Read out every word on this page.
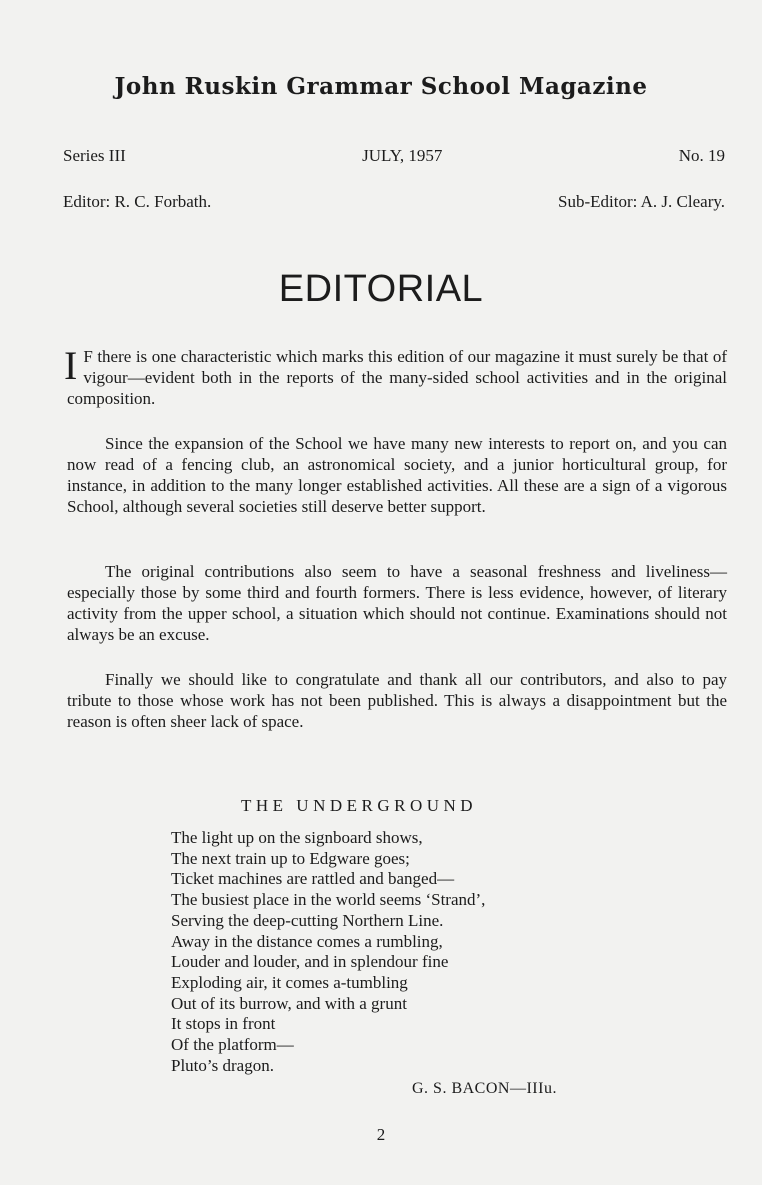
John Ruskin Grammar School Magazine
Series III	JULY, 1957	No. 19
Editor: R. C. Forbath.	Sub-Editor: A. J. Cleary.
EDITORIAL
I F there is one characteristic which marks this edition of our magazine it must surely be that of vigour—evident both in the reports of the many-sided school activities and in the original composition.
Since the expansion of the School we have many new interests to report on, and you can now read of a fencing club, an astronomical society, and a junior horticultural group, for instance, in addition to the many longer established activities. All these are a sign of a vigorous School, although several societies still deserve better support.
The original contributions also seem to have a seasonal freshness and liveliness—especially those by some third and fourth formers. There is less evidence, however, of literary activity from the upper school, a situation which should not continue. Examinations should not always be an excuse.
Finally we should like to congratulate and thank all our contributors, and also to pay tribute to those whose work has not been published. This is always a disappointment but the reason is often sheer lack of space.
THE UNDERGROUND
The light up on the signboard shows,
The next train up to Edgware goes;
Ticket machines are rattled and banged—
The busiest place in the world seems ‘Strand’,
Serving the deep-cutting Northern Line.
Away in the distance comes a rumbling,
Louder and louder, and in splendour fine
Exploding air, it comes a-tumbling
Out of its burrow, and with a grunt
It stops in front
Of the platform—
Pluto’s dragon.
G. S. BACON—IIIu.
2
